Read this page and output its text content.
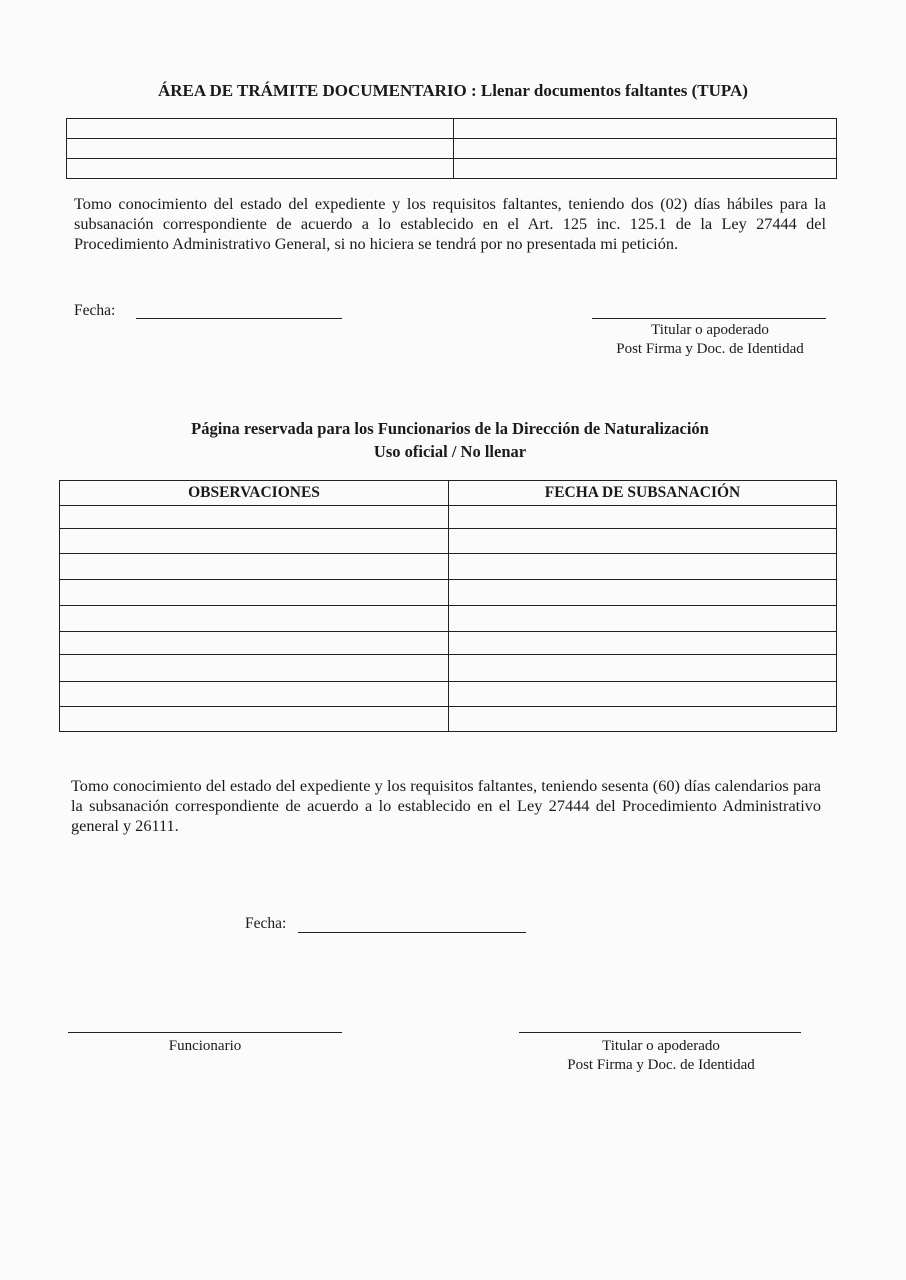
ÁREA DE TRÁMITE DOCUMENTARIO : Llenar documentos faltantes (TUPA)

Tomo conocimiento del estado del expediente y los requisitos faltantes, teniendo dos (02) días hábiles para la subsanación correspondiente de acuerdo a lo establecido en el Art. 125 inc. 125.1 de la Ley 27444 del Procedimiento Administrativo General, si no hiciera se tendrá por no presentada mi petición.
Fecha:
Titular o apoderado
Post Firma y Doc. de Identidad
Página reservada para los Funcionarios de la Dirección de Naturalización
Uso oficial / No llenar
OBSERVACIONES	FECHA DE SUBSANACIÓN

Tomo conocimiento del estado del expediente y los requisitos faltantes, teniendo sesenta (60) días calendarios para la subsanación correspondiente de acuerdo a lo establecido en el Ley 27444 del Procedimiento Administrativo general y 26111.
Fecha:
Funcionario	Titular o apoderado
Post Firma y Doc. de Identidad
